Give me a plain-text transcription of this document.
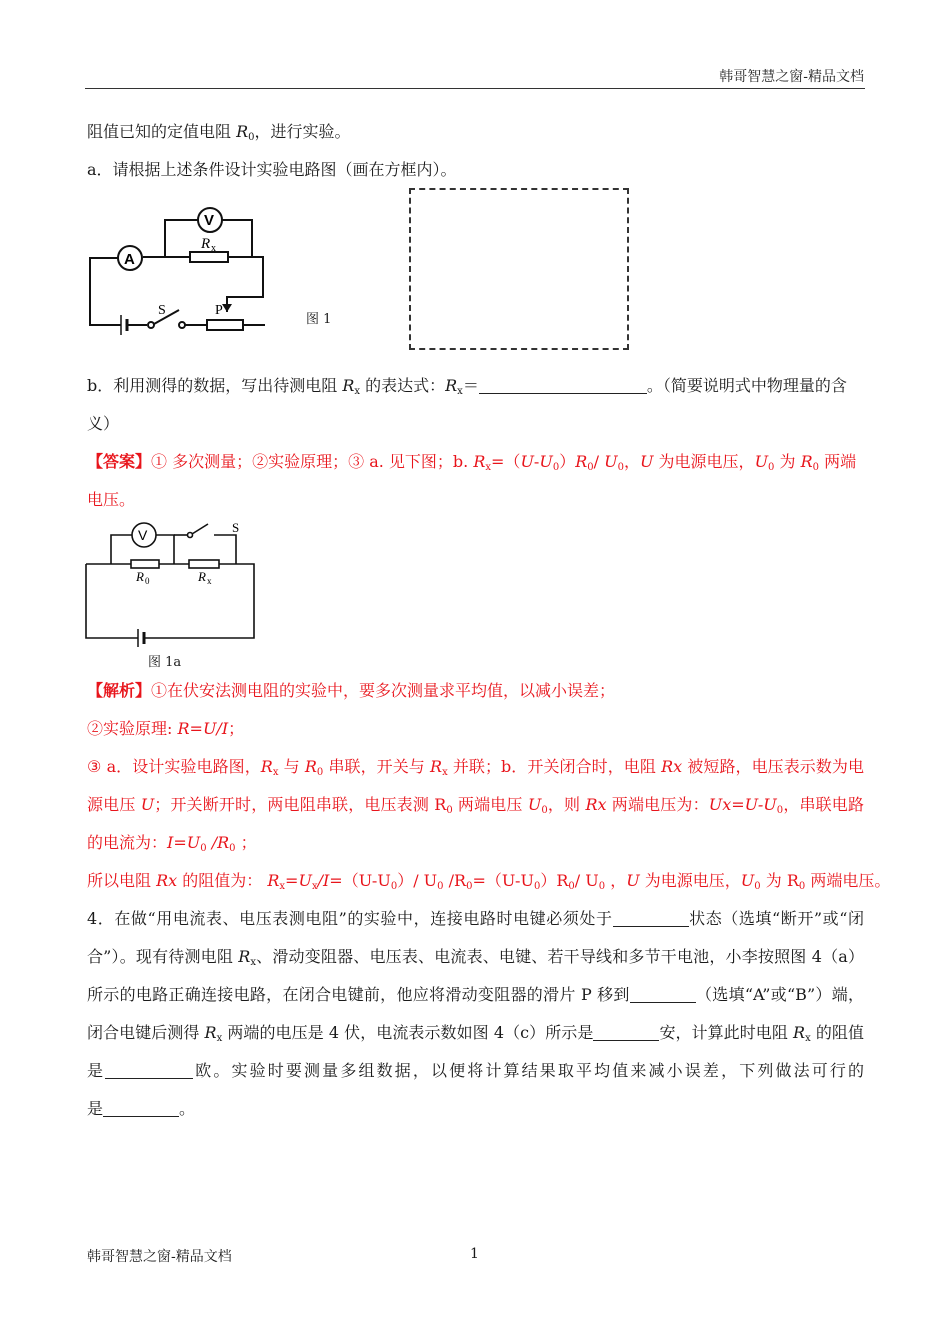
韩哥智慧之窗-精品文档
阻值已知的定值电阻 $R_0$，进行实验。
a．请根据上述条件设计实验电路图（画在方框内）。
V
A
R x
S	P
图 1
b．利用测得的数据，写出待测电阻 $R_x$ 的表达式：$R_x=$	。（简要说明式中物理量的含
义）
【答案】① 多次测量；②实验原理；③ a. 见下图；b. $R_x=(U-U_0)R_0/$ $U_0$，U 为电源电压，$U_0$ 为 $R_0$ 两端
电压。
V	S
R 0	R x
图 1a
【解析】①在伏安法测电阻的实验中，要多次测量求平均值，以减小误差；
②实验原理: R=U/I；
③ a．设计实验电路图，$R_x$ 与 $R_0$ 串联，开关与 $R_x$ 并联；b．开关闭合时，电阻 Rx 被短路，电压表示数为电
源电压 U；开关断开时，两电阻串联，电压表测 $R_0$ 两端电压 $U_0$，则 Rx 两端电压为：$Ux=U-U_0$，串联电路
的电流为：$I=U_0$ $/R_0$ ；
所以电阻 Rx 的阻值为： $R_x=U_x/I=(U-U_0)/$ $U_0$ $/R_0=(U-U_0)R_0/$ $U_0$ ，U 为电源电压，$U_0$ 为 $R_0$ 两端电压。
4．在做“用电流表、电压表测电阻”的实验中，连接电路时电键必须处于	状态（选填“断开”或“闭
合”）。现有待测电阻 $R_x$、滑动变阻器、电压表、电流表、电键、若干导线和多节干电池，小李按照图 4（a）
所示的电路正确连接电路，在闭合电键前，他应将滑动变阻器的滑片 P 移到	（选填“A”或“B”）端，
闭合电键后测得 $R_x$ 两端的电压是 4 伏，电流表示数如图 4（c）所示是	安，计算此时电阻 $R_x$ 的阻值
是	欧。实验时要测量多组数据，以便将计算结果取平均值来减小误差，下列做法可行的
是	。
韩哥智慧之窗-精品文档	1
